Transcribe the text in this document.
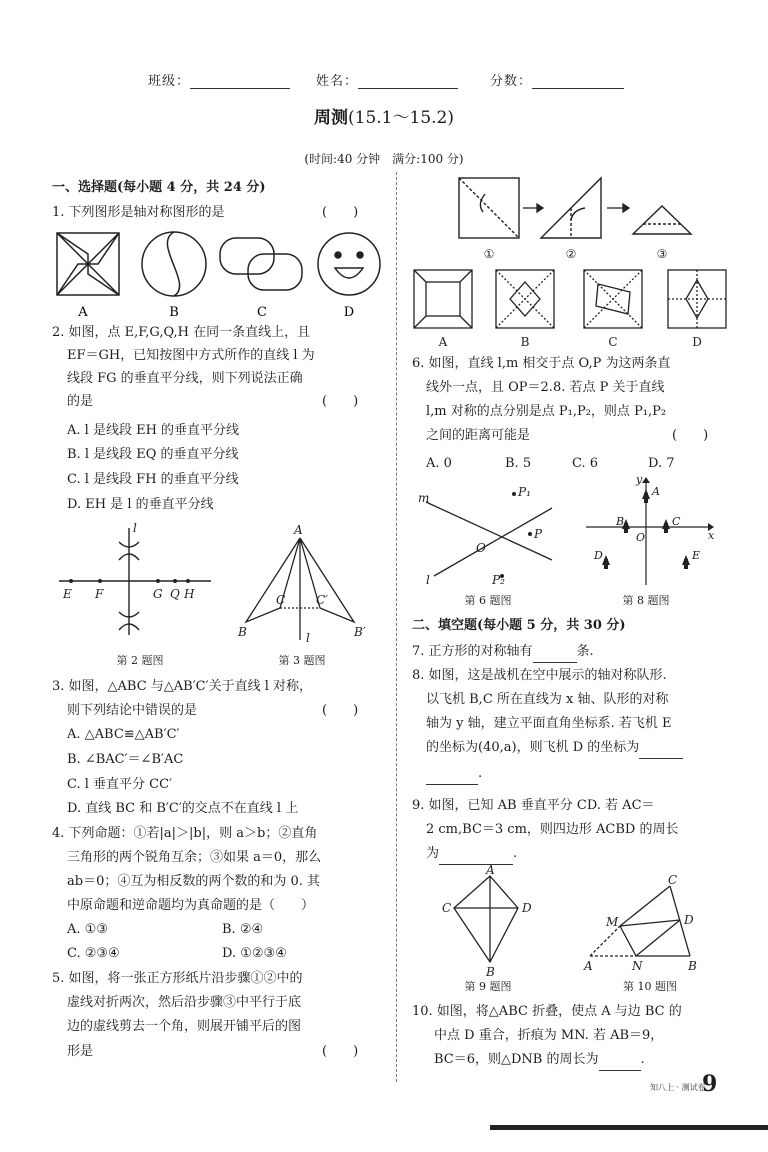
班级：	姓名：	分数：
周测(15.1～15.2)
(时间:40 分钟　满分:100 分)
一、选择题(每小题 4 分，共 24 分)
1. 下列图形是轴对称图形的是	(　　)
A	B	C	D
2. 如图，点 E,F,G,Q,H 在同一条直线上，且
EF＝GH，已知按图中方式所作的直线 l 为
线段 FG 的垂直平分线，则下列说法正确
的是	(　　)
A. l 是线段 EH 的垂直平分线
B. l 是线段 EQ 的垂直平分线
C. l 是线段 FH 的垂直平分线
D. EH 是 l 的垂直平分线
l
E F	G Q H
第 2 题图
A
B
C	C′
B′
l
第 3 题图
3. 如图，△ABC 与△AB′C′关于直线 l 对称，
则下列结论中错误的是	(　　)
A. △ABC≌△AB′C′
B. ∠BAC′＝∠B′AC
C. l 垂直平分 CC′
D. 直线 BC 和 B′C′的交点不在直线 l 上
4. 下列命题：①若|a|＞|b|，则 a＞b；②直角
三角形的两个锐角互余；③如果 a＝0，那么
ab＝0；④互为相反数的两个数的和为 0. 其
中原命题和逆命题均为真命题的是（　　）
A. ①③	B. ②④
C. ②③④	D. ①②③④
5. 如图，将一张正方形纸片沿步骤①②中的
虚线对折两次，然后沿步骤③中平行于底
边的虚线剪去一个角，则展开铺平后的图
形是	(　　)
①	②	③
A	B	C	D
6. 如图，直线 l,m 相交于点 O,P 为这两条直
线外一点，且 OP＝2.8. 若点 P 关于直线
l,m 对称的点分别是点 P₁,P₂，则点 P₁,P₂
之间的距离可能是	(　　)
A. 0	B. 5	C. 6	D. 7
m
l
O
P
P₁
P₂
第 6 题图
y
x
O
A
B	C
D	E
第 8 题图
二、填空题(每小题 5 分，共 30 分)
7. 正方形的对称轴有	条.
8. 如图，这是战机在空中展示的轴对称队形.
以飞机 B,C 所在直线为 x 轴、队形的对称
轴为 y 轴，建立平面直角坐标系. 若飞机 E
的坐标为(40,a)，则飞机 D 的坐标为
.
9. 如图，已知 AB 垂直平分 CD. 若 AC＝
2 cm,BC＝3 cm，则四边形 ACBD 的周长
为	.
A
B
C	D
第 9 题图
A	B
C
D
M
N
第 10 题图
10. 如图，将△ABC 折叠，使点 A 与边 BC 的
中点 D 重合，折痕为 MN. 若 AB＝9，
BC＝6，则△DNB 的周长为	.
知八上 · 测试卷
9
